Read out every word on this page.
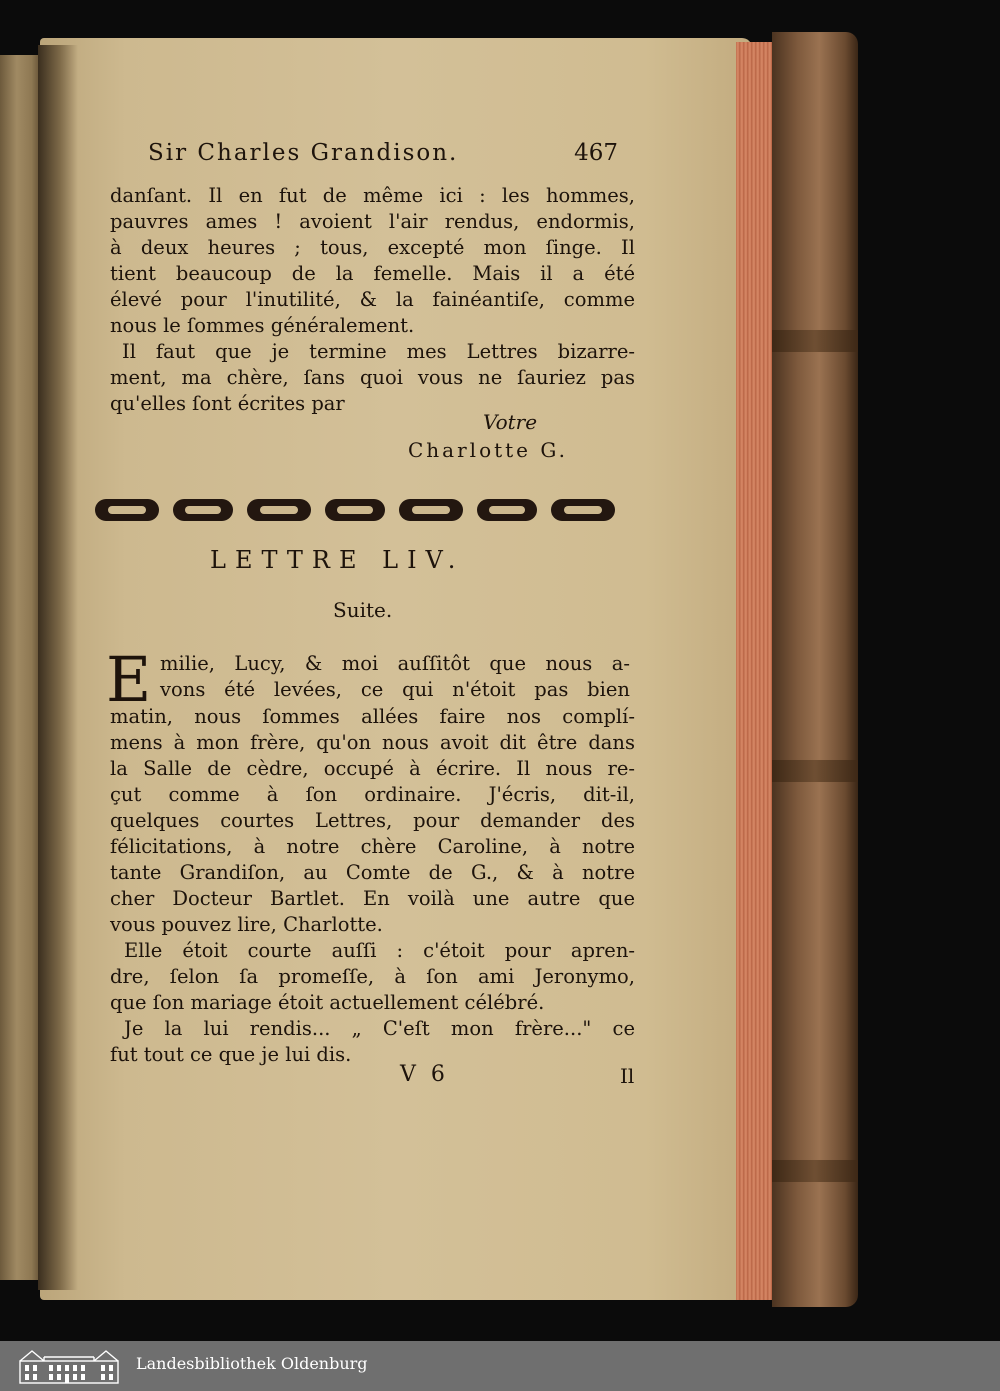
Sir Charles Grandison.	467
danſant. Il en fut de même ici : les hommes,
pauvres ames ! avoient l'air rendus, endormis,
à deux heures ; tous, excepté mon ſinge. Il
tient beaucoup de la femelle. Mais il a été
élevé pour l'inutilité, & la fainéantiſe, comme
nous le ſommes généralement.
Il faut que je termine mes Lettres bizarre-
ment, ma chère, ſans quoi vous ne ſauriez pas
qu'elles ſont écrites par
Votre
Charlotte G.
LETTRE LIV.
Suite.
E milie, Lucy, & moi auſſitôt que nous a-
vons été levées, ce qui n'étoit pas bien
matin, nous ſommes allées faire nos complí-
mens à mon frère, qu'on nous avoit dit être dans
la Salle de cèdre, occupé à écrire. Il nous re-
çut comme à ſon ordinaire. J'écris, dit-il,
quelques courtes Lettres, pour demander des
félicitations, à notre chère Caroline, à notre
tante Grandiſon, au Comte de G., & à notre
cher Docteur Bartlet. En voilà une autre que
vous pouvez lire, Charlotte.
Elle étoit courte auſſi : c'étoit pour apren-
dre, ſelon ſa promeſſe, à ſon ami Jeronymo,
que ſon mariage étoit actuellement célébré.
Je la lui rendis... „ C'eſt mon frère..." ce
fut tout ce que je lui dis.
V 6	Il
Landesbibliothek Oldenburg
